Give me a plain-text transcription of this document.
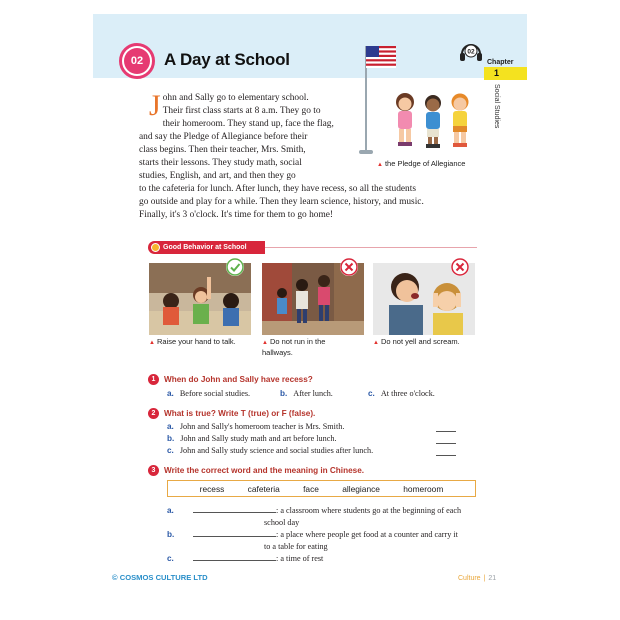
02	A Day at School	02
Chapter
1
Social Studies
▲ the Pledge of Allegiance
J ohn and Sally go to elementary school.

Their first class starts at 8 a.m. They go to

their homeroom. They stand up, face the flag,

and say the Pledge of Allegiance before their

class begins. Then their teacher, Mrs. Smith,

starts their lessons. They study math, social

studies, English, and art, and then they go

to the cafeteria for lunch. After lunch, they have recess, so all the students

go outside and play for a while. Then they learn science, history, and music.

Finally, it's 3 o'clock. It's time for them to go home!

Good Behavior at School
▲ Raise your hand to talk.	▲ Do not run in the hallways.
▲ Do not yell and scream.
1	When do John and Sally have recess?
a. Before social studies.	b. After lunch.	c. At three o'clock.
2	What is true? Write T (true) or F (false).
a. John and Sally's homeroom teacher is Mrs. Smith.
b. John and Sally study math and art before lunch.
c. John and Sally study science and social studies after lunch.
3	Write the correct word and the meaning in Chinese.
recess	cafeteria	face	allegiance	homeroom
a.	: a classroom where students go at the beginning of each
school day
b.	: a place where people get food at a counter and carry it
to a table for eating
c.	: a time of rest
© COSMOS CULTURE LTD	Culture | 21
